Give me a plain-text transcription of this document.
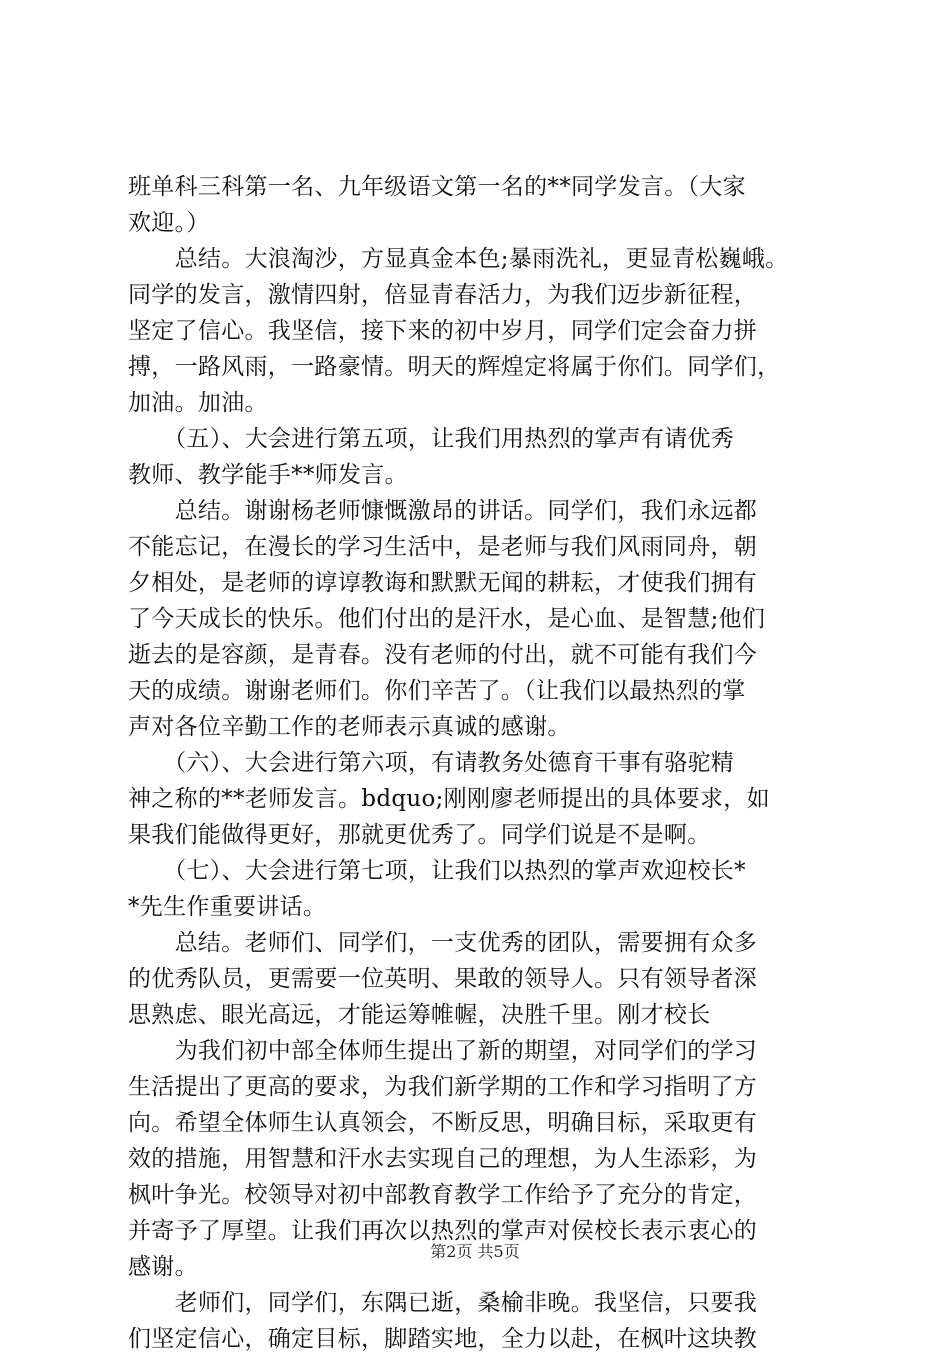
班单科三科第一名、九年级语文第一名的**同学发言。（大家
欢迎。）
　　总结。大浪淘沙，方显真金本色;暴雨洗礼，更显青松巍峨。
同学的发言，激情四射，倍显青春活力，为我们迈步新征程，
坚定了信心。我坚信，接下来的初中岁月，同学们定会奋力拼
搏，一路风雨，一路豪情。明天的辉煌定将属于你们。同学们，
加油。加油。
　　（五）、大会进行第五项，让我们用热烈的掌声有请优秀
教师、教学能手**师发言。
　　总结。谢谢杨老师慷慨激昂的讲话。同学们，我们永远都
不能忘记，在漫长的学习生活中，是老师与我们风雨同舟，朝
夕相处，是老师的谆谆教诲和默默无闻的耕耘，才使我们拥有
了今天成长的快乐。他们付出的是汗水，是心血、是智慧;他们
逝去的是容颜，是青春。没有老师的付出，就不可能有我们今
天的成绩。谢谢老师们。你们辛苦了。（让我们以最热烈的掌
声对各位辛勤工作的老师表示真诚的感谢。
　　（六）、大会进行第六项，有请教务处德育干事有骆驼精
神之称的**老师发言。bdquo;刚刚廖老师提出的具体要求，如
果我们能做得更好，那就更优秀了。同学们说是不是啊。
　　（七）、大会进行第七项，让我们以热烈的掌声欢迎校长*
*先生作重要讲话。
　　总结。老师们、同学们，一支优秀的团队，需要拥有众多
的优秀队员，更需要一位英明、果敢的领导人。只有领导者深
思熟虑、眼光高远，才能运筹帷幄，决胜千里。刚才校长
　　为我们初中部全体师生提出了新的期望，对同学们的学习
生活提出了更高的要求，为我们新学期的工作和学习指明了方
向。希望全体师生认真领会，不断反思，明确目标，采取更有
效的措施，用智慧和汗水去实现自己的理想，为人生添彩，为
枫叶争光。校领导对初中部教育教学工作给予了充分的肯定，
并寄予了厚望。让我们再次以热烈的掌声对侯校长表示衷心的
感谢。
　　老师们，同学们，东隅已逝，桑榆非晚。我坚信，只要我
们坚定信心，确定目标，脚踏实地，全力以赴，在枫叶这块教
第2页 共5页
